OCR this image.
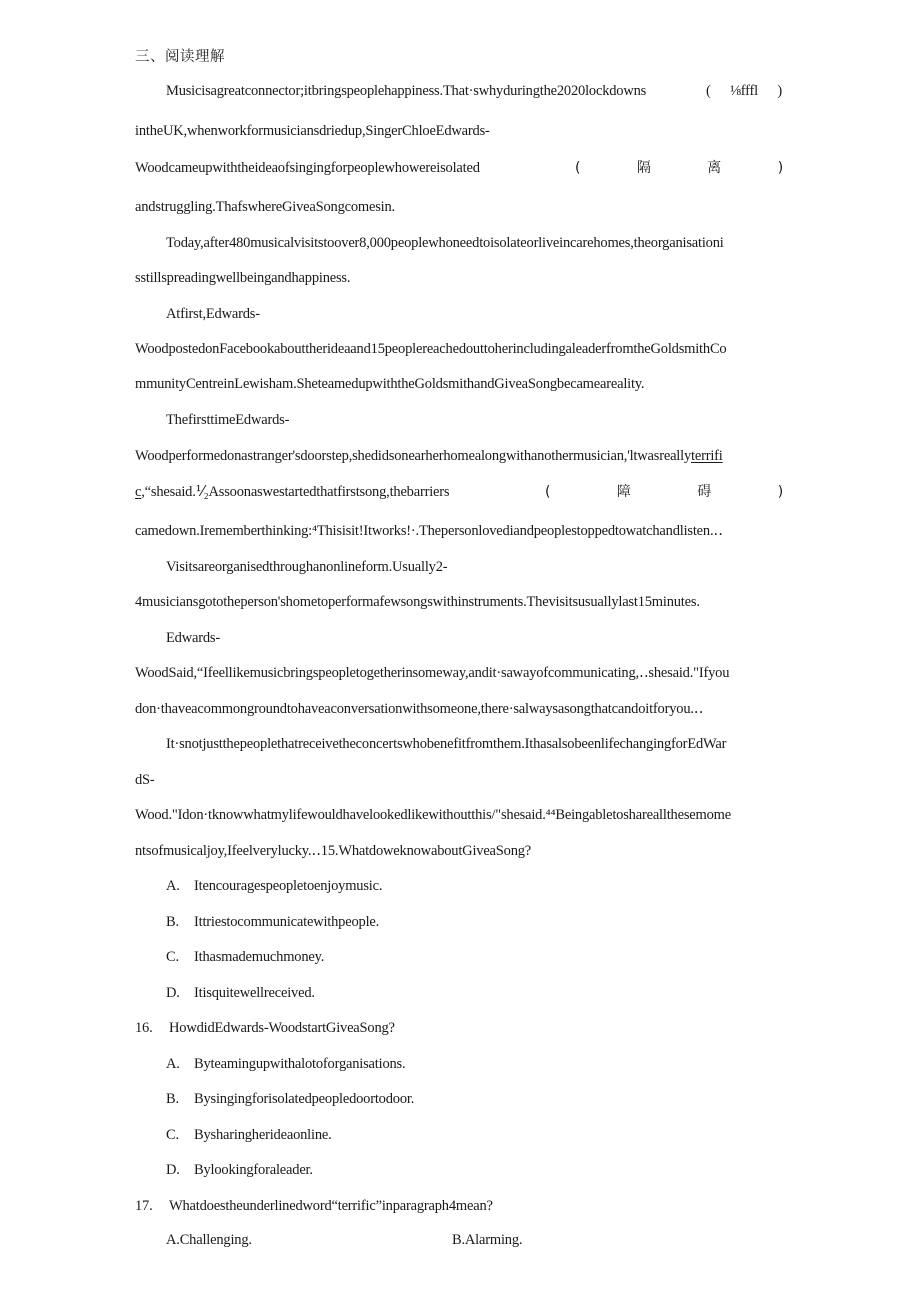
三、阅读理解
Musicisagreatconnector;itbringspeoplehappiness.That·swhyduringthe2020lockdowns	( ⅛fffl )
intheUK,whenworkformusiciansdriedup,SingerChloeEdwards-
Woodcameupwiththeideaofsingingforpeoplewhowereisolated	(	隔	离	)
andstruggling.ThafswhereGiveaSongcomesin.
Today,after480musicalvisitstoover8,000peoplewhoneedtoisolateorliveincarehomes,theorganisationi
sstillspreadingwellbeingandhappiness.
Atfirst,Edwards-
WoodpostedonFacebookabouttherideaand15peoplereachedouttoherincludingaleaderfromtheGoldsmithCo
mmunityCentreinLewisham.SheteamedupwiththeGoldsmithandGiveaSongbecameareality.
ThefirsttimeEdwards-
Woodperformedonastranger'sdoorstep,shedidsonearherhomealongwithanothermusician,'ltwasreallyterrifi
c,“shesaid.⅟₂Assoonaswestartedthatfirstsong,thebarriers	(	障	碍	)
camedown.Irememberthinking:⁴Thisisit!Itworks!·.Thepersonlovediandpeoplestoppedtowatchandlisten.‥
Visitsareorganisedthroughanonlineform.Usually2-
4musiciansgototheperson'shometoperformafewsongswithinstruments.Thevisitsusuallylast15minutes.
Edwards-
WoodSaid,“Ifeellikemusicbringspeopletogetherinsomeway,andit·sawayofcommunicating,‥shesaid."Ifyou
don·thaveacommongroundtohaveaconversationwithsomeone,there·salwaysasongthatcandoitforyou.‥
It·snotjustthepeoplethatreceivetheconcertswhobenefitfromthem.IthasalsobeenlifechangingforEdWar
dS-
Wood."Idon·tknowwhatmylifewouldhavelookedlikewithoutthis/"shesaid.⁴⁴Beingabletoshareallthesemome
ntsofmusicaljoy,Ifeelverylucky.‥15.WhatdoweknowaboutGiveaSong?
A. Itencouragespeopletoenjoymusic.
B. Ittriestocommunicatewithpeople.
C. Ithasmademuchmoney.
D. Itisquitewellreceived.
16. HowdidEdwards-WoodstartGiveaSong?
A. Byteamingupwithalotoforganisations.
B. Bysingingforisolatedpeopledoortodoor.
C. Bysharingherideaonline.
D. Bylookingforaleader.
17. Whatdoestheunderlinedword“terrific”inparagraph4mean?
A.Challenging.	B.Alarming.
